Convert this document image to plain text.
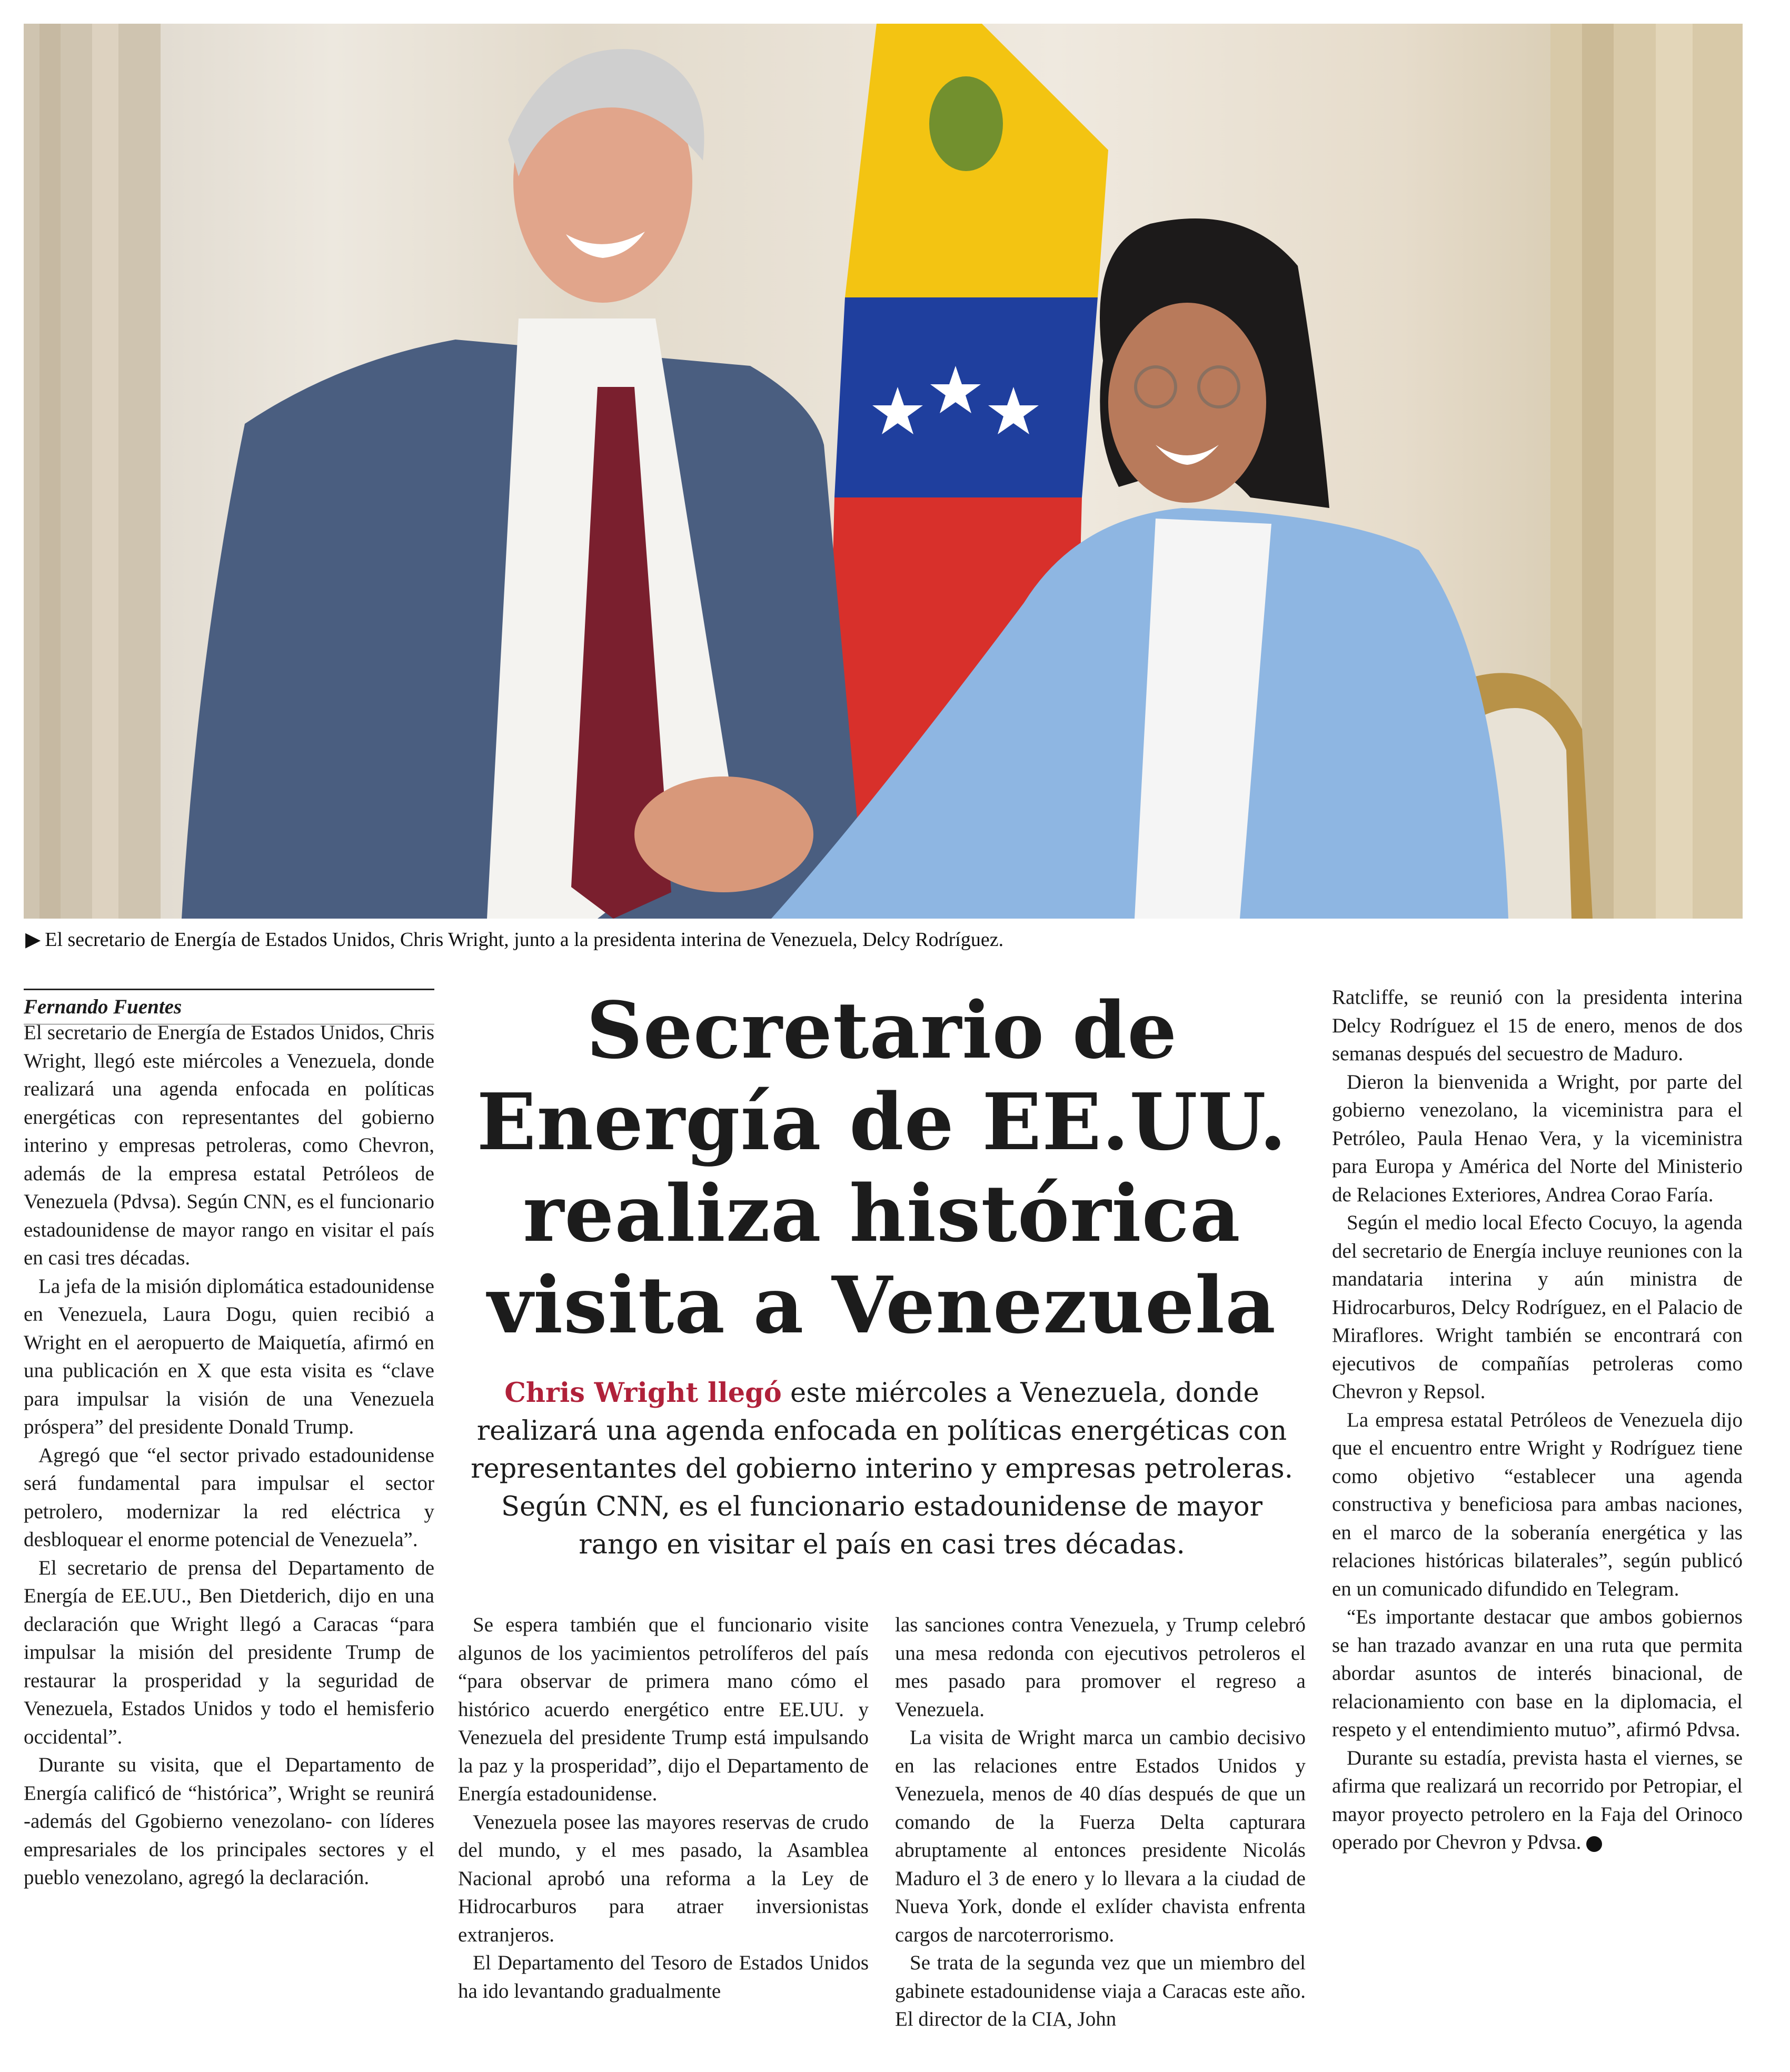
▶ El secretario de Energía de Estados Unidos, Chris Wright, junto a la presidenta interina de Venezuela, Delcy Rodríguez.
Fernando Fuentes	Secretario de
Energía de EE.UU.
realiza histórica
visita a Venezuela
Chris Wright llegó este miércoles a Venezuela, donde realizará una agenda enfocada en políticas energéticas con representantes del gobierno interino y empresas petroleras. Según CNN, es el funcionario estadounidense de mayor rango en visitar el país en casi tres décadas.

El secretario de Energía de Estados Unidos, Chris Wright, llegó este miércoles a Venezuela, donde realizará una agenda enfocada en políticas energéticas con representantes del gobierno interino y empresas petroleras, como Chevron, además de la empresa estatal Petróleos de Venezuela (Pdvsa). Según CNN, es el funcionario estadounidense de mayor rango en visitar el país en casi tres décadas.

La jefa de la misión diplomática estadounidense en Venezuela, Laura Dogu, quien recibió a Wright en el aeropuerto de Maiquetía, afirmó en una publicación en X que esta visita es “clave para impulsar la visión de una Venezuela próspera” del presidente Donald Trump.

Agregó que “el sector privado estadounidense será fundamental para impulsar el sector petrolero, modernizar la red eléctrica y desbloquear el enorme potencial de Venezuela”.

El secretario de prensa del Departamento de Energía de EE.UU., Ben Dietderich, dijo en una declaración que Wright llegó a Caracas “para impulsar la misión del presidente Trump de restaurar la prosperidad y la seguridad de Venezuela, Estados Unidos y todo el hemisferio occidental”.

Durante su visita, que el Departamento de Energía calificó de “histórica”, Wright se reunirá -además del Ggobierno venezolano- con líderes empresariales de los principales sectores y el pueblo venezolano, agregó la declaración.

Se espera también que el funcionario visite algunos de los yacimientos petrolíferos del país “para observar de primera mano cómo el histórico acuerdo energético entre EE.UU. y Venezuela del presidente Trump está impulsando la paz y la prosperidad”, dijo el Departamento de Energía estadounidense.

Venezuela posee las mayores reservas de crudo del mundo, y el mes pasado, la Asamblea Nacional aprobó una reforma a la Ley de Hidrocarburos para atraer inversionistas extranjeros.

El Departamento del Tesoro de Estados Unidos ha ido levantando gradualmente

las sanciones contra Venezuela, y Trump celebró una mesa redonda con ejecutivos petroleros el mes pasado para promover el regreso a Venezuela.

La visita de Wright marca un cambio decisivo en las relaciones entre Estados Unidos y Venezuela, menos de 40 días después de que un comando de la Fuerza Delta capturara abruptamente al entonces presidente Nicolás Maduro el 3 de enero y lo llevara a la ciudad de Nueva York, donde el exlíder chavista enfrenta cargos de narcoterrorismo.

Se trata de la segunda vez que un miembro del gabinete estadounidense viaja a Caracas este año. El director de la CIA, John

Ratcliffe, se reunió con la presidenta interina Delcy Rodríguez el 15 de enero, menos de dos semanas después del secuestro de Maduro.

Dieron la bienvenida a Wright, por parte del gobierno venezolano, la viceministra para el Petróleo, Paula Henao Vera, y la viceministra para Europa y América del Norte del Ministerio de Relaciones Exteriores, Andrea Corao Faría.

Según el medio local Efecto Cocuyo, la agenda del secretario de Energía incluye reuniones con la mandataria interina y aún ministra de Hidrocarburos, Delcy Rodríguez, en el Palacio de Miraflores. Wright también se encontrará con ejecutivos de compañías petroleras como Chevron y Repsol.

La empresa estatal Petróleos de Venezuela dijo que el encuentro entre Wright y Rodríguez tiene como objetivo “establecer una agenda constructiva y beneficiosa para ambas naciones, en el marco de la soberanía energética y las relaciones históricas bilaterales”, según publicó en un comunicado difundido en Telegram.

“Es importante destacar que ambos gobiernos se han trazado avanzar en una ruta que permita abordar asuntos de interés binacional, de relacionamiento con base en la diplomacia, el respeto y el entendimiento mutuo”, afirmó Pdvsa.

Durante su estadía, prevista hasta el viernes, se afirma que realizará un recorrido por Petropiar, el mayor proyecto petrolero en la Faja del Orinoco operado por Chevron y Pdvsa.
